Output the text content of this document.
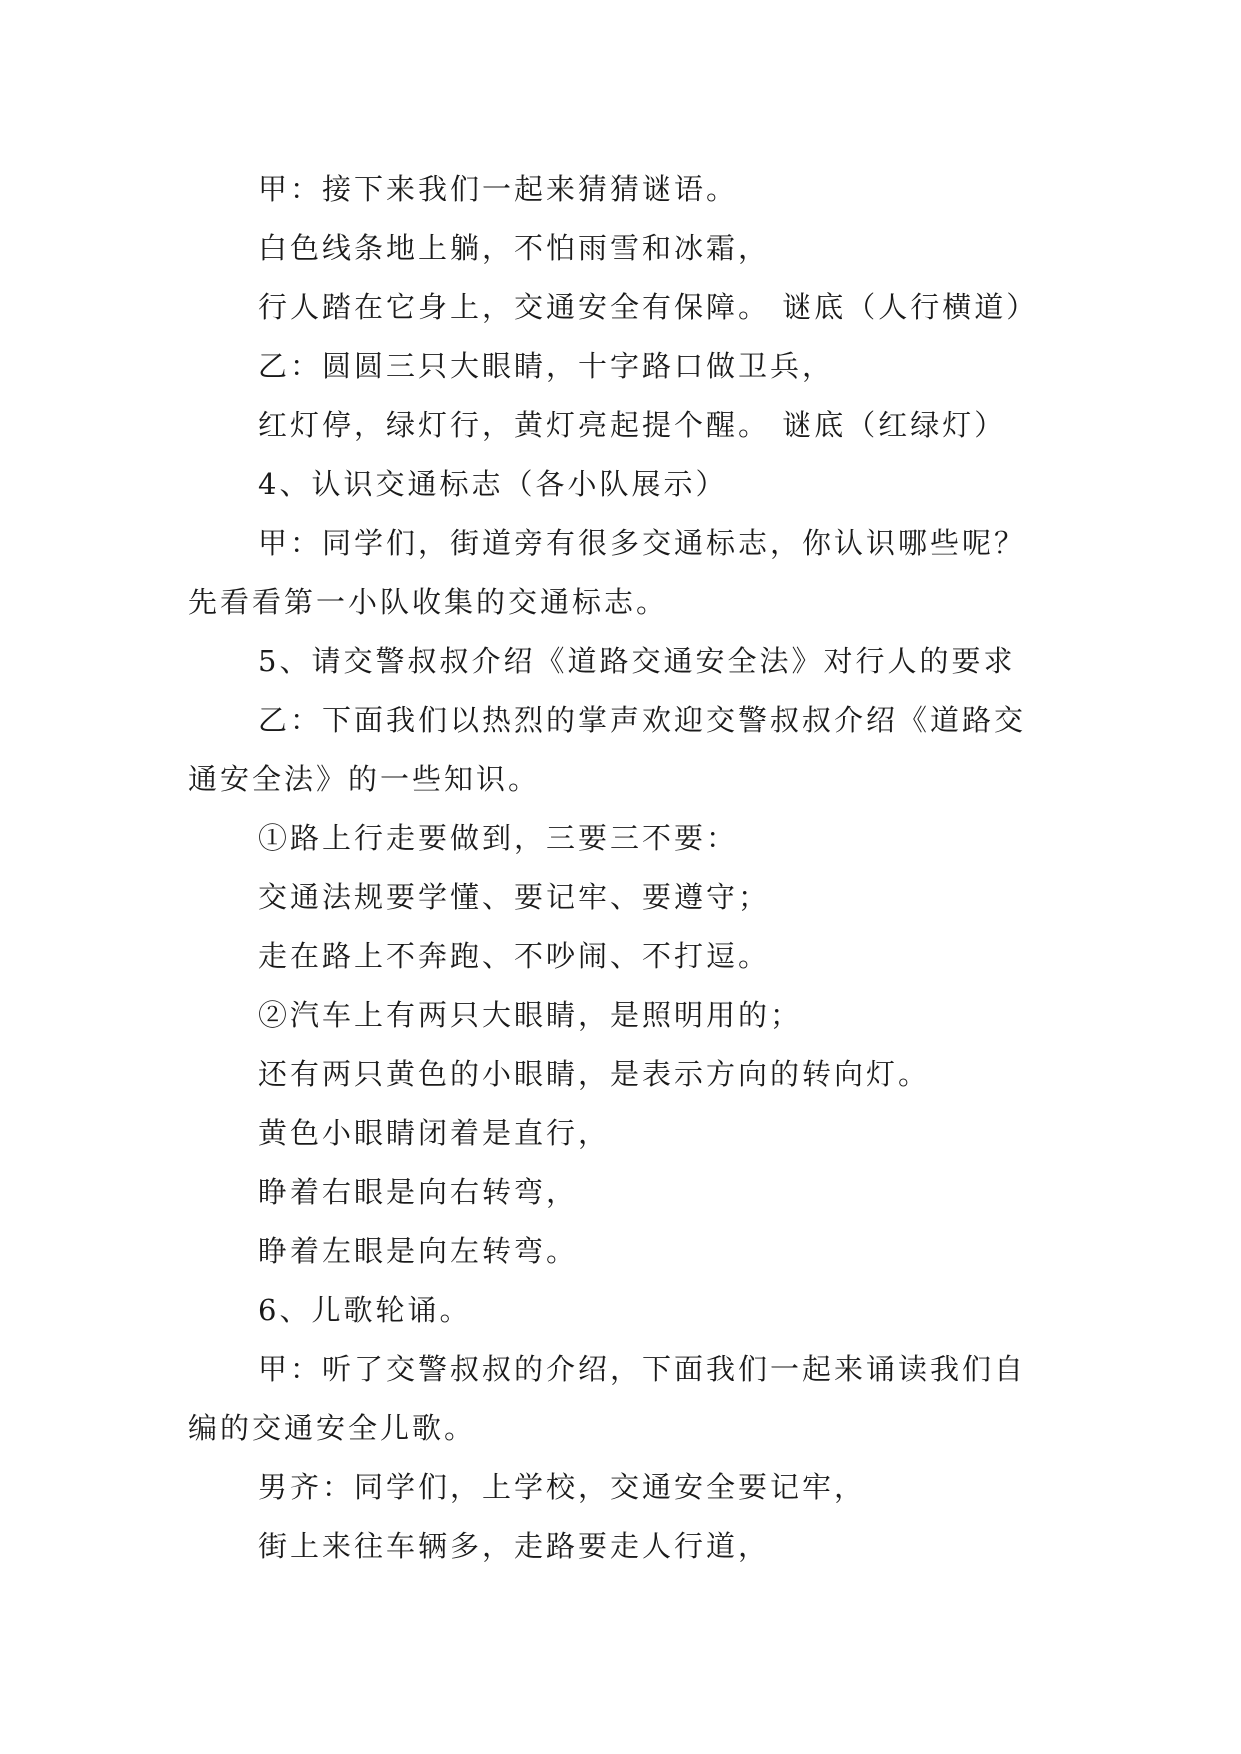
甲：接下来我们一起来猜猜谜语。
白色线条地上躺，不怕雨雪和冰霜，
行人踏在它身上，交通安全有保障。 谜底（人行横道）
乙：圆圆三只大眼睛，十字路口做卫兵，
红灯停，绿灯行，黄灯亮起提个醒。 谜底（红绿灯）
4、认识交通标志（各小队展示）
甲：同学们，街道旁有很多交通标志，你认识哪些呢？
先看看第一小队收集的交通标志。
5、请交警叔叔介绍《道路交通安全法》对行人的要求
乙：下面我们以热烈的掌声欢迎交警叔叔介绍《道路交
通安全法》的一些知识。
①路上行走要做到，三要三不要：
交通法规要学懂、要记牢、要遵守；
走在路上不奔跑、不吵闹、不打逗。
②汽车上有两只大眼睛，是照明用的；
还有两只黄色的小眼睛，是表示方向的转向灯。
黄色小眼睛闭着是直行，
睁着右眼是向右转弯，
睁着左眼是向左转弯。
6、儿歌轮诵。
甲：听了交警叔叔的介绍，下面我们一起来诵读我们自
编的交通安全儿歌。
男齐：同学们，上学校，交通安全要记牢，
街上来往车辆多，走路要走人行道，
